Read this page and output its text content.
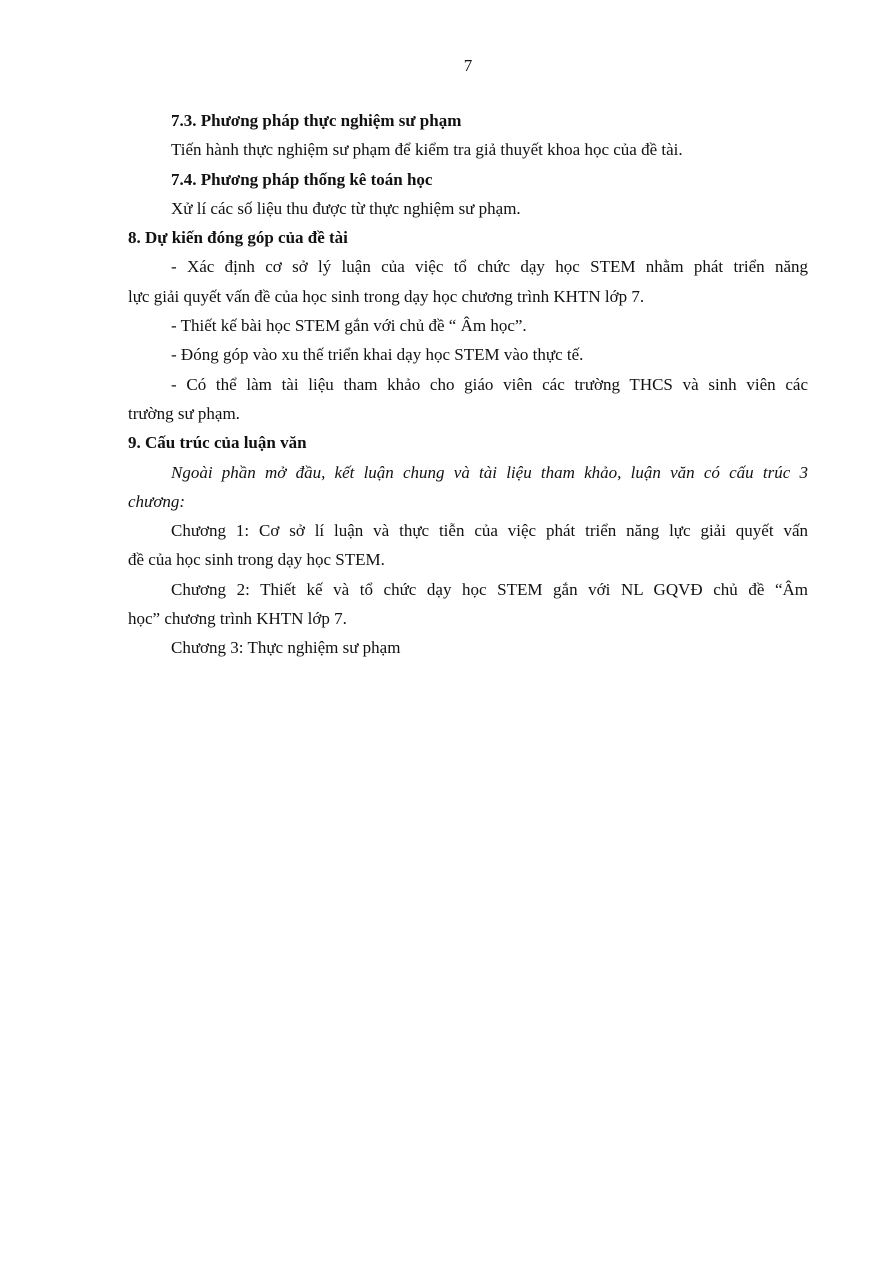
7

7.3. Phương pháp thực nghiệm sư phạm

Tiến hành thực nghiệm sư phạm để kiểm tra giả thuyết khoa học của đề tài.

7.4. Phương pháp thống kê toán học

Xử lí các số liệu thu được từ thực nghiệm sư phạm.

8. Dự kiến đóng góp của đề tài

- Xác định cơ sở lý luận của việc tổ chức dạy học STEM nhằm phát triển năng

lực giải quyết vấn đề của học sinh trong dạy học chương trình KHTN lớp 7.

- Thiết kế bài học STEM gắn với chủ đề “ Âm học”.

- Đóng góp vào xu thế triển khai dạy học STEM vào thực tế.

- Có thể làm tài liệu tham khảo cho giáo viên các trường THCS và sinh viên các

trường sư phạm.

9. Cấu trúc của luận văn

Ngoài phần mở đầu, kết luận chung và tài liệu tham khảo, luận văn có cấu trúc 3

chương:

Chương 1: Cơ sở lí luận và thực tiễn của việc phát triển năng lực giải quyết vấn

đề của học sinh trong dạy học STEM.

Chương 2: Thiết kế và tổ chức dạy học STEM gắn với NL GQVĐ chủ đề “Âm

học” chương trình KHTN lớp 7.

Chương 3: Thực nghiệm sư phạm
